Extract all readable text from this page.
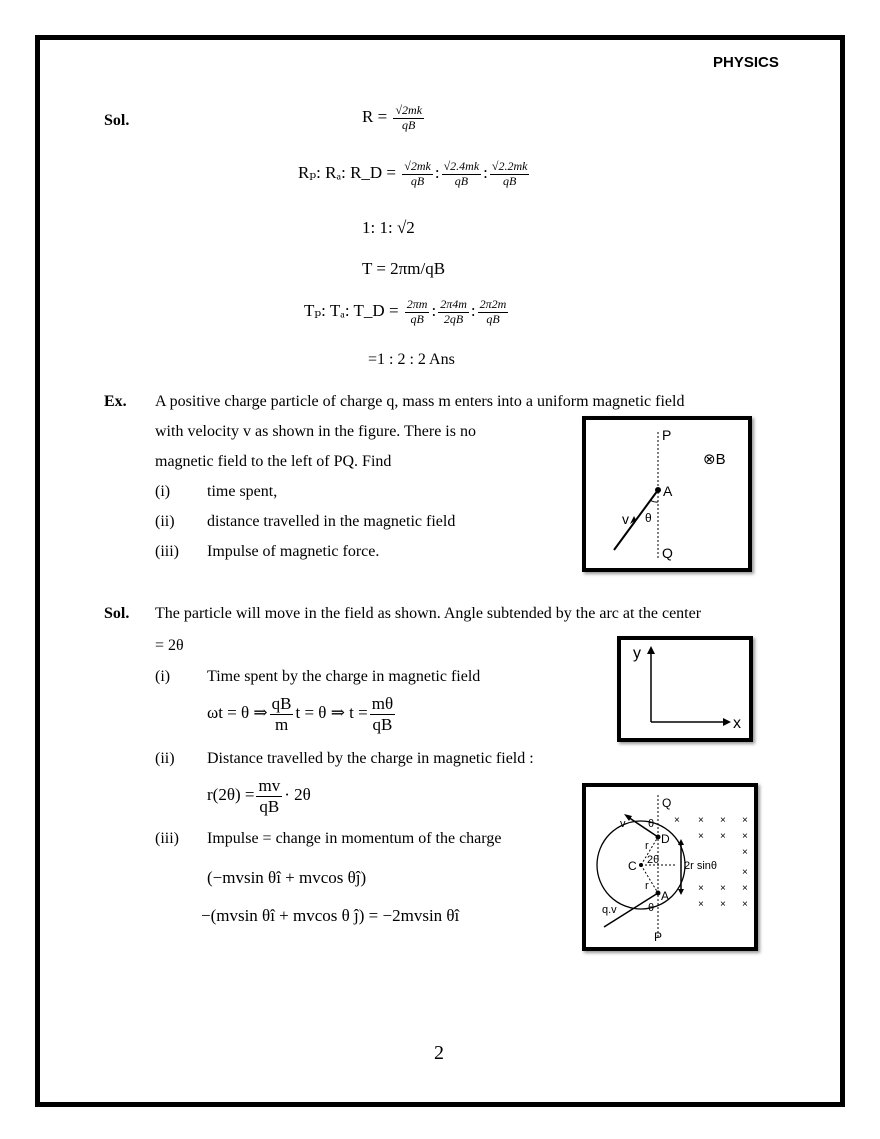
PHYSICS
Sol.	$R = \frac{√2mk}{qB}$
Rₚ: Rₐ: R_D = $\frac{√2mk}{qB}$ : $\frac{√2.4mk}{qB}$ : $\frac{√2.2mk}{qB}$
1: 1: √2
T = 2πm/qB
Tₚ: Tₐ: T_D = $\frac{2\pi m}{qB}$ : $\frac{2\pi 4m}{2qB}$ : $\frac{2\pi 2m}{qB}$
=1 : 2 : 2 Ans
Ex. A positive charge particle of charge q, mass m enters into a uniform magnetic field
with velocity v as shown in the figure. There is no
magnetic field to the left of PQ. Find
(i) time spent,
(ii) distance travelled in the magnetic field
(iii) Impulse of magnetic force.
P
Q
⊗B
A
v θ
Sol. The particle will move in the field as shown. Angle subtended by the arc at the center
= 2θ
(i) Time spent by the charge in magnetic field
ωt = θ ⇒ $\frac{qB}{m}$ t = θ ⇒ $t = \frac{m\theta}{qB}$
(ii) Distance travelled by the charge in magnetic field :
$r(2\theta) = \frac{mv}{qB} \cdot 2\theta$
(iii) Impulse = change in momentum of the charge
(−mvsin θî + mvcos θĵ)
−(mvsin θî + mvcos θ ĵ) = −2mvsin θî
y
x
Q
P
D
A
C
r
r
2θ 2r sinθ
v θ
q.v	θ
× × × ×
× × ×
×
×
× × ×
× × ×
2
